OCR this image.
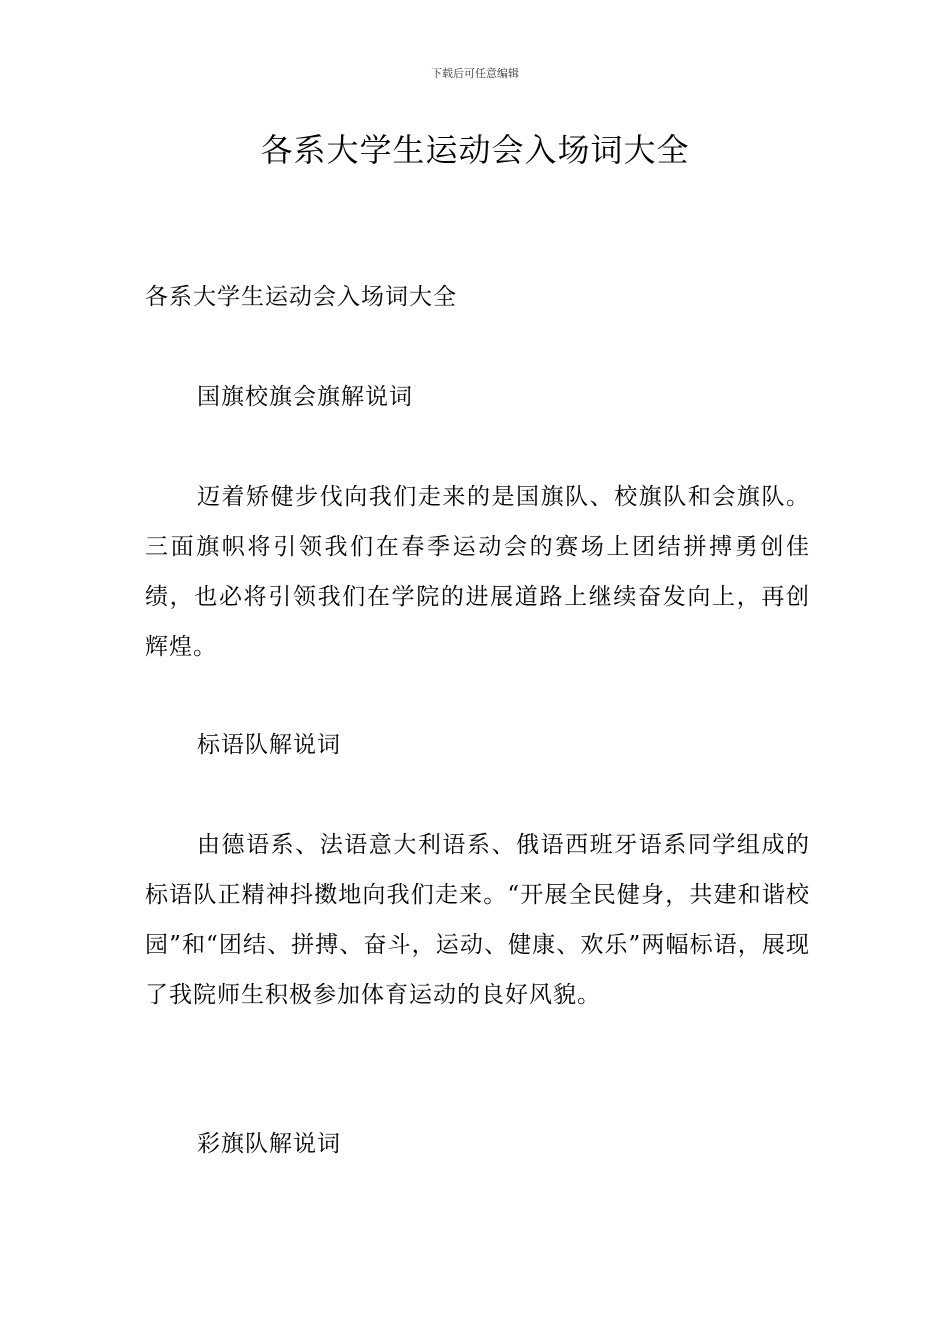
下载后可任意编辑
各系大学生运动会入场词大全

各系大学生运动会入场词大全

国旗校旗会旗解说词

迈着矫健步伐向我们走来的是国旗队、校旗队和会旗队。三面旗帜将引领我们在春季运动会的赛场上团结拼搏勇创佳绩，也必将引领我们在学院的进展道路上继续奋发向上，再创辉煌。

标语队解说词

由德语系、法语意大利语系、俄语西班牙语系同学组成的标语队正精神抖擞地向我们走来。“开展全民健身，共建和谐校园”和“团结、拼搏、奋斗，运动、健康、欢乐”两幅标语，展现了我院师生积极参加体育运动的良好风貌。

彩旗队解说词
